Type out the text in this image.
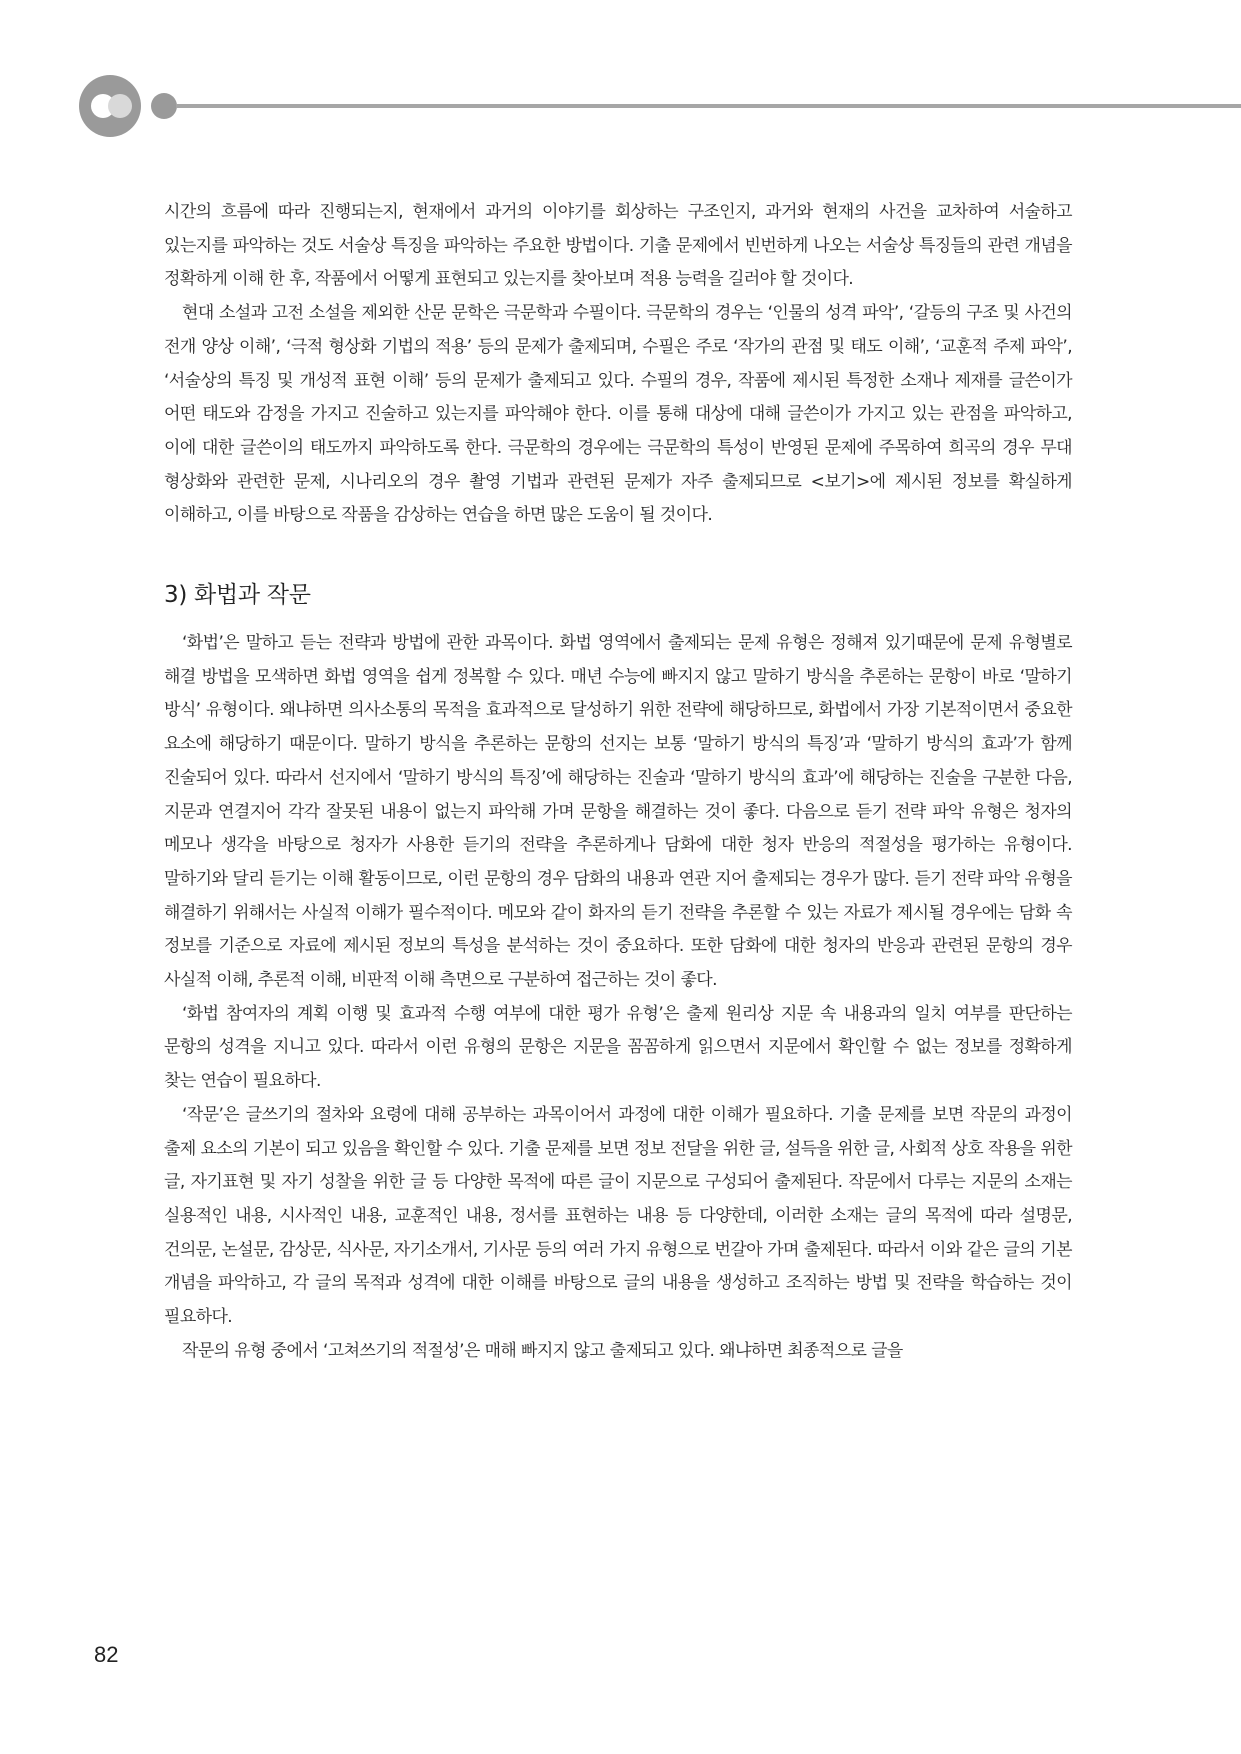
시간의 흐름에 따라 진행되는지, 현재에서 과거의 이야기를 회상하는 구조인지, 과거와 현재의 사건을 교차하여 서술하고 있는지를 파악하는 것도 서술상 특징을 파악하는 주요한 방법이다. 기출 문제에서 빈번하게 나오는 서술상 특징들의 관련 개념을 정확하게 이해 한 후, 작품에서 어떻게 표현되고 있는지를 찾아보며 적용 능력을 길러야 할 것이다.

현대 소설과 고전 소설을 제외한 산문 문학은 극문학과 수필이다. 극문학의 경우는 ‘인물의 성격 파악’, ‘갈등의 구조 및 사건의 전개 양상 이해’, ‘극적 형상화 기법의 적용’ 등의 문제가 출제되며, 수필은 주로 ‘작가의 관점 및 태도 이해’, ‘교훈적 주제 파악’, ‘서술상의 특징 및 개성적 표현 이해’ 등의 문제가 출제되고 있다. 수필의 경우, 작품에 제시된 특정한 소재나 제재를 글쓴이가 어떤 태도와 감정을 가지고 진술하고 있는지를 파악해야 한다. 이를 통해 대상에 대해 글쓴이가 가지고 있는 관점을 파악하고, 이에 대한 글쓴이의 태도까지 파악하도록 한다. 극문학의 경우에는 극문학의 특성이 반영된 문제에 주목하여 희곡의 경우 무대 형상화와 관련한 문제, 시나리오의 경우 촬영 기법과 관련된 문제가 자주 출제되므로 <보기>에 제시된 정보를 확실하게 이해하고, 이를 바탕으로 작품을 감상하는 연습을 하면 많은 도움이 될 것이다.

3) 화법과 작문

‘화법’은 말하고 듣는 전략과 방법에 관한 과목이다. 화법 영역에서 출제되는 문제 유형은 정해져 있기때문에 문제 유형별로 해결 방법을 모색하면 화법 영역을 쉽게 정복할 수 있다. 매년 수능에 빠지지 않고 말하기 방식을 추론하는 문항이 바로 ‘말하기 방식’ 유형이다. 왜냐하면 의사소통의 목적을 효과적으로 달성하기 위한 전략에 해당하므로, 화법에서 가장 기본적이면서 중요한 요소에 해당하기 때문이다. 말하기 방식을 추론하는 문항의 선지는 보통 ‘말하기 방식의 특징’과 ‘말하기 방식의 효과’가 함께 진술되어 있다. 따라서 선지에서 ‘말하기 방식의 특징’에 해당하는 진술과 ‘말하기 방식의 효과’에 해당하는 진술을 구분한 다음, 지문과 연결지어 각각 잘못된 내용이 없는지 파악해 가며 문항을 해결하는 것이 좋다. 다음으로 듣기 전략 파악 유형은 청자의 메모나 생각을 바탕으로 청자가 사용한 듣기의 전략을 추론하게나 담화에 대한 청자 반응의 적절성을 평가하는 유형이다. 말하기와 달리 듣기는 이해 활동이므로, 이런 문항의 경우 담화의 내용과 연관 지어 출제되는 경우가 많다. 듣기 전략 파악 유형을 해결하기 위해서는 사실적 이해가 필수적이다. 메모와 같이 화자의 듣기 전략을 추론할 수 있는 자료가 제시될 경우에는 담화 속 정보를 기준으로 자료에 제시된 정보의 특성을 분석하는 것이 중요하다. 또한 담화에 대한 청자의 반응과 관련된 문항의 경우 사실적 이해, 추론적 이해, 비판적 이해 측면으로 구분하여 접근하는 것이 좋다.

‘화법 참여자의 계획 이행 및 효과적 수행 여부에 대한 평가 유형’은 출제 원리상 지문 속 내용과의 일치 여부를 판단하는 문항의 성격을 지니고 있다. 따라서 이런 유형의 문항은 지문을 꼼꼼하게 읽으면서 지문에서 확인할 수 없는 정보를 정확하게 찾는 연습이 필요하다.

‘작문’은 글쓰기의 절차와 요령에 대해 공부하는 과목이어서 과정에 대한 이해가 필요하다. 기출 문제를 보면 작문의 과정이 출제 요소의 기본이 되고 있음을 확인할 수 있다. 기출 문제를 보면 정보 전달을 위한 글, 설득을 위한 글, 사회적 상호 작용을 위한 글, 자기표현 및 자기 성찰을 위한 글 등 다양한 목적에 따른 글이 지문으로 구성되어 출제된다. 작문에서 다루는 지문의 소재는 실용적인 내용, 시사적인 내용, 교훈적인 내용, 정서를 표현하는 내용 등 다양한데, 이러한 소재는 글의 목적에 따라 설명문, 건의문, 논설문, 감상문, 식사문, 자기소개서, 기사문 등의 여러 가지 유형으로 번갈아 가며 출제된다. 따라서 이와 같은 글의 기본 개념을 파악하고, 각 글의 목적과 성격에 대한 이해를 바탕으로 글의 내용을 생성하고 조직하는 방법 및 전략을 학습하는 것이 필요하다.

작문의 유형 중에서 ‘고쳐쓰기의 적절성’은 매해 빠지지 않고 출제되고 있다. 왜냐하면 최종적으로 글을

82
